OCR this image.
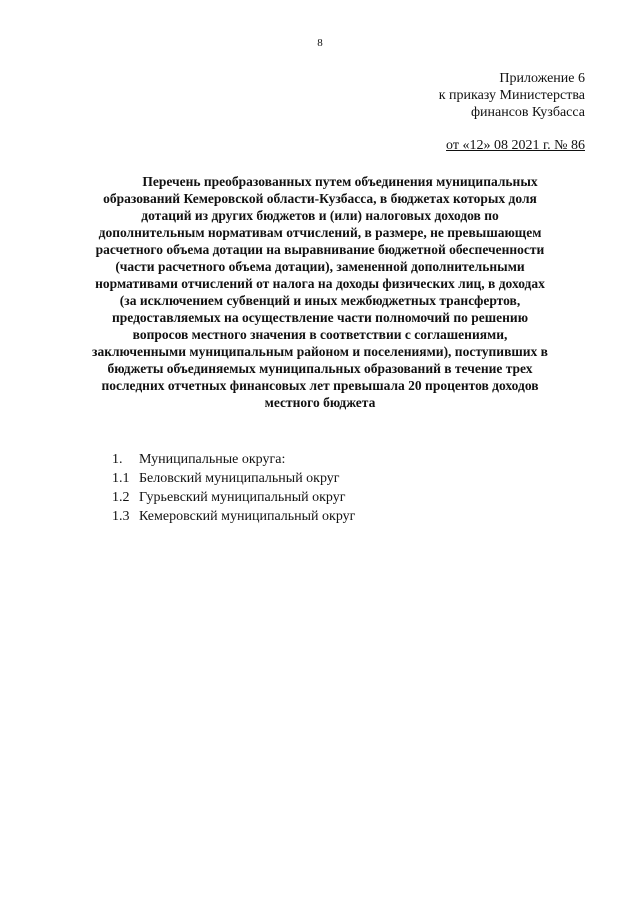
8
Приложение 6
к приказу Министерства
финансов Кузбасса
от «12» 08 2021 г. № 86
Перечень преобразованных путем объединения муниципальных
образований Кемеровской области-Кузбасса, в бюджетах которых доля
дотаций из других бюджетов и (или) налоговых доходов по
дополнительным нормативам отчислений, в размере, не превышающем
расчетного объема дотации на выравнивание бюджетной обеспеченности
(части расчетного объема дотации), замененной дополнительными
нормативами отчислений от налога на доходы физических лиц, в доходах
(за исключением субвенций и иных межбюджетных трансфертов,
предоставляемых на осуществление части полномочий по решению
вопросов местного значения в соответствии с соглашениями,
заключенными муниципальным районом и поселениями), поступивших в
бюджеты объединяемых муниципальных образований в течение трех
последних отчетных финансовых лет превышала 20 процентов доходов
местного бюджета
1.	Муниципальные округа:
1.1 Беловский муниципальный округ
1.2 Гурьевский муниципальный округ
1.3 Кемеровский муниципальный округ
